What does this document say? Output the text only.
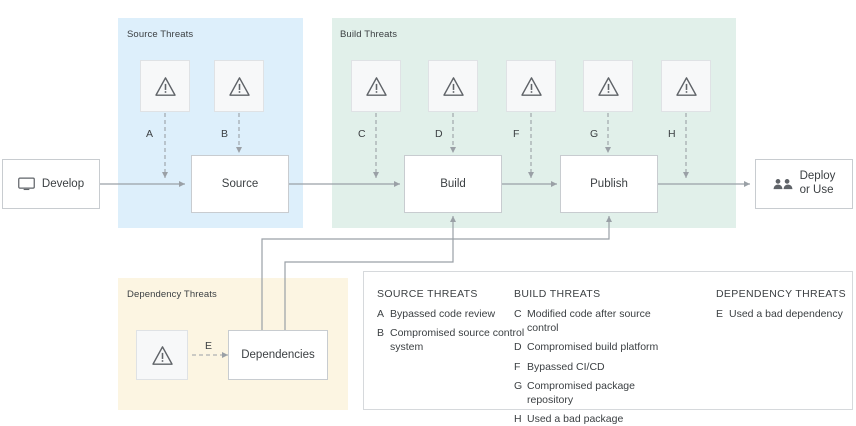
Source Threats	Build Threats
Dependency Threats
A	B	C	D	F	G	H
E
Develop	Source	Build	Publish
Deploy
or Use
Dependencies
SOURCE THREATS
A Bypassed code review
B Compromised source control system
BUILD THREATS
C Modified code after source control
D Compromised build platform
F Bypassed CI/CD
G Compromised package repository
H Used a bad package
DEPENDENCY THREATS
E Used a bad dependency
